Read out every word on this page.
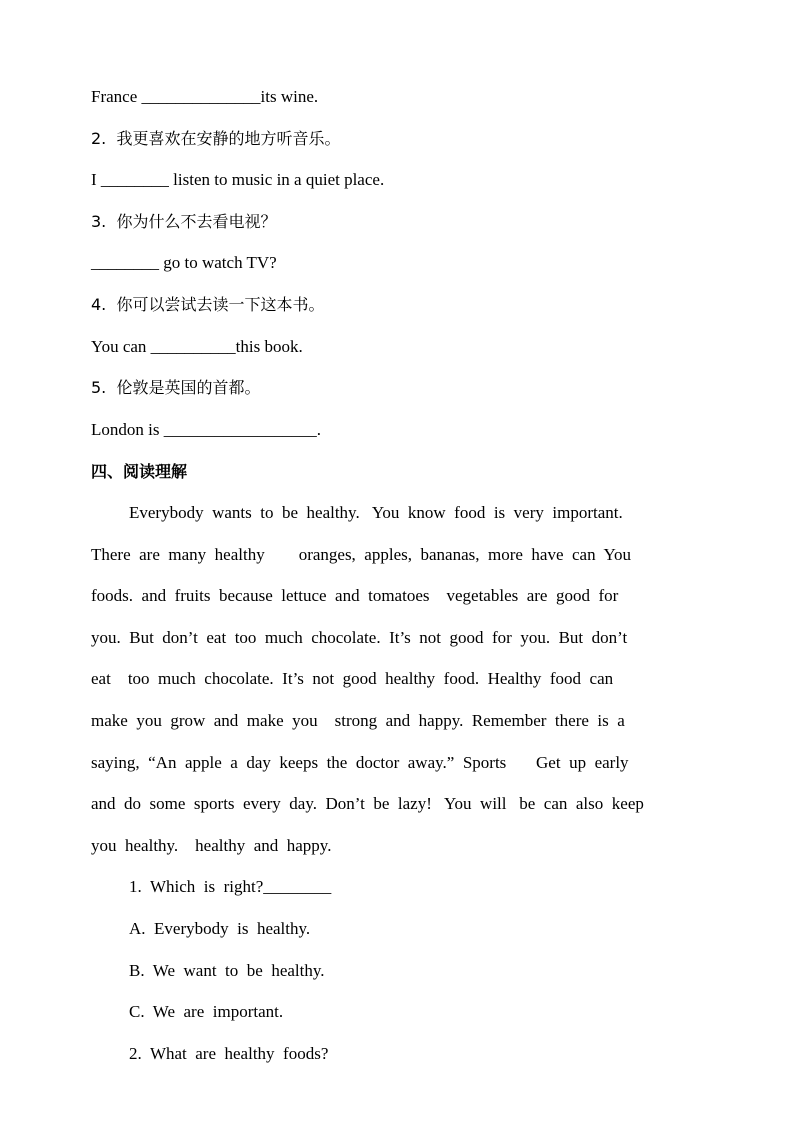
France ______________its wine.
2.  我更喜欢在安静的地方听音乐。
I ________ listen to music in a quiet place.
3.  你为什么不去看电视？
________ go to watch TV?
4.  你可以尝试去读一下这本书。
You can __________this book.
5.  伦敦是英国的首都。
London is __________________.
四、阅读理解
Everybody  wants  to  be  healthy.   You  know  food  is  very  important.
There  are  many  healthy        oranges,  apples,  bananas,  more  have  can  You
foods.  and  fruits  because  lettuce  and  tomatoes    vegetables  are  good  for
you.  But  don’t  eat  too  much  chocolate.  It’s  not  good  for  you.  But  don’t
eat    too  much  chocolate.  It’s  not  good  healthy  food.  Healthy  food  can
make  you  grow  and  make  you    strong  and  happy.  Remember  there  is  a
saying,  “An  apple  a  day  keeps  the  doctor  away.”  Sports       Get  up  early
and  do  some  sports  every  day.  Don’t  be  lazy!   You  will   be  can  also  keep
you  healthy.    healthy  and  happy.
1.  Which  is  right?________
A.  Everybody  is  healthy.
B.  We  want  to  be  healthy.
C.  We  are  important.
2.  What  are  healthy  foods?
